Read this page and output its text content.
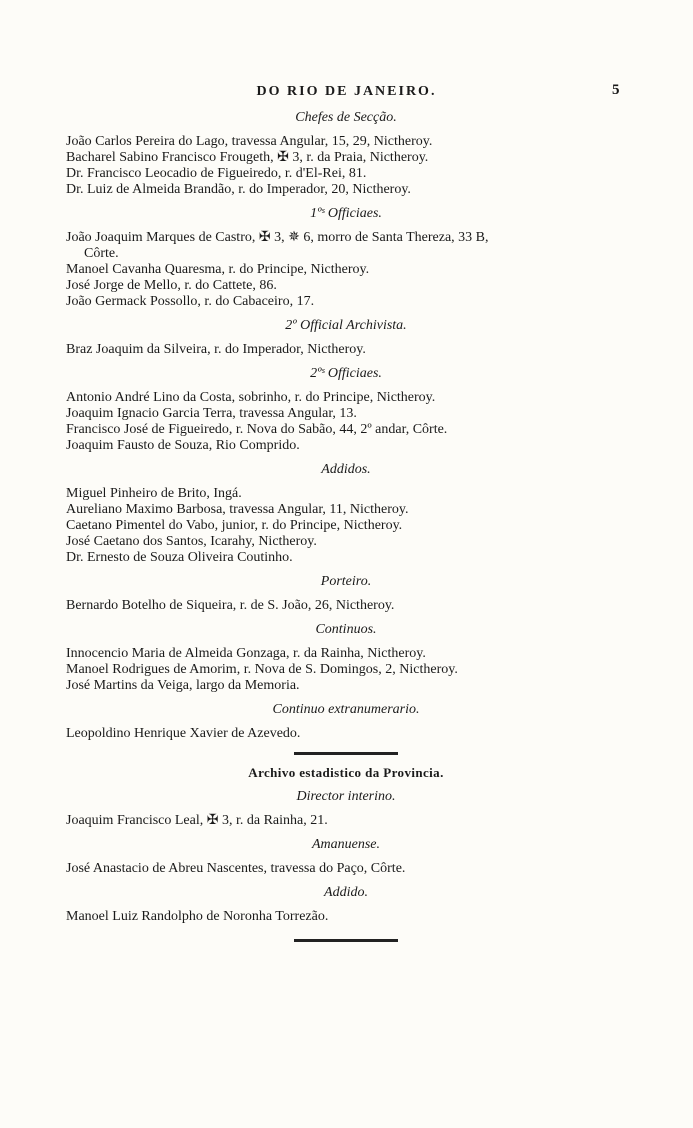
DO RIO DE JANEIRO.	5
Chefes de Secção.
João Carlos Pereira do Lago, travessa Angular, 15, 29, Nictheroy.
Bacharel Sabino Francisco Frougeth, ✠ 3, r. da Praia, Nictheroy.
Dr. Francisco Leocadio de Figueiredo, r. d'El-Rei, 81.
Dr. Luiz de Almeida Brandão, r. do Imperador, 20, Nictheroy.
1ºˢ Officiaes.
João Joaquim Marques de Castro, ✠ 3, ✵ 6, morro de Santa Thereza, 33 B,
Côrte.
Manoel Cavanha Quaresma, r. do Principe, Nictheroy.
José Jorge de Mello, r. do Cattete, 86.
João Germack Possollo, r. do Cabaceiro, 17.
2º Official Archivista.
Braz Joaquim da Silveira, r. do Imperador, Nictheroy.
2ºˢ Officiaes.
Antonio André Lino da Costa, sobrinho, r. do Principe, Nictheroy.
Joaquim Ignacio Garcia Terra, travessa Angular, 13.
Francisco José de Figueiredo, r. Nova do Sabão, 44, 2º andar, Côrte.
Joaquim Fausto de Souza, Rio Comprido.
Addidos.
Miguel Pinheiro de Brito, Ingá.
Aureliano Maximo Barbosa, travessa Angular, 11, Nictheroy.
Caetano Pimentel do Vabo, junior, r. do Principe, Nictheroy.
José Caetano dos Santos, Icarahy, Nictheroy.
Dr. Ernesto de Souza Oliveira Coutinho.
Porteiro.
Bernardo Botelho de Siqueira, r. de S. João, 26, Nictheroy.
Continuos.
Innocencio Maria de Almeida Gonzaga, r. da Rainha, Nictheroy.
Manoel Rodrigues de Amorim, r. Nova de S. Domingos, 2, Nictheroy.
José Martins da Veiga, largo da Memoria.
Continuo extranumerario.
Leopoldino Henrique Xavier de Azevedo.
Archivo estadistico da Provincia.
Director interino.
Joaquim Francisco Leal, ✠ 3, r. da Rainha, 21.
Amanuense.
José Anastacio de Abreu Nascentes, travessa do Paço, Côrte.
Addido.
Manoel Luiz Randolpho de Noronha Torrezão.
